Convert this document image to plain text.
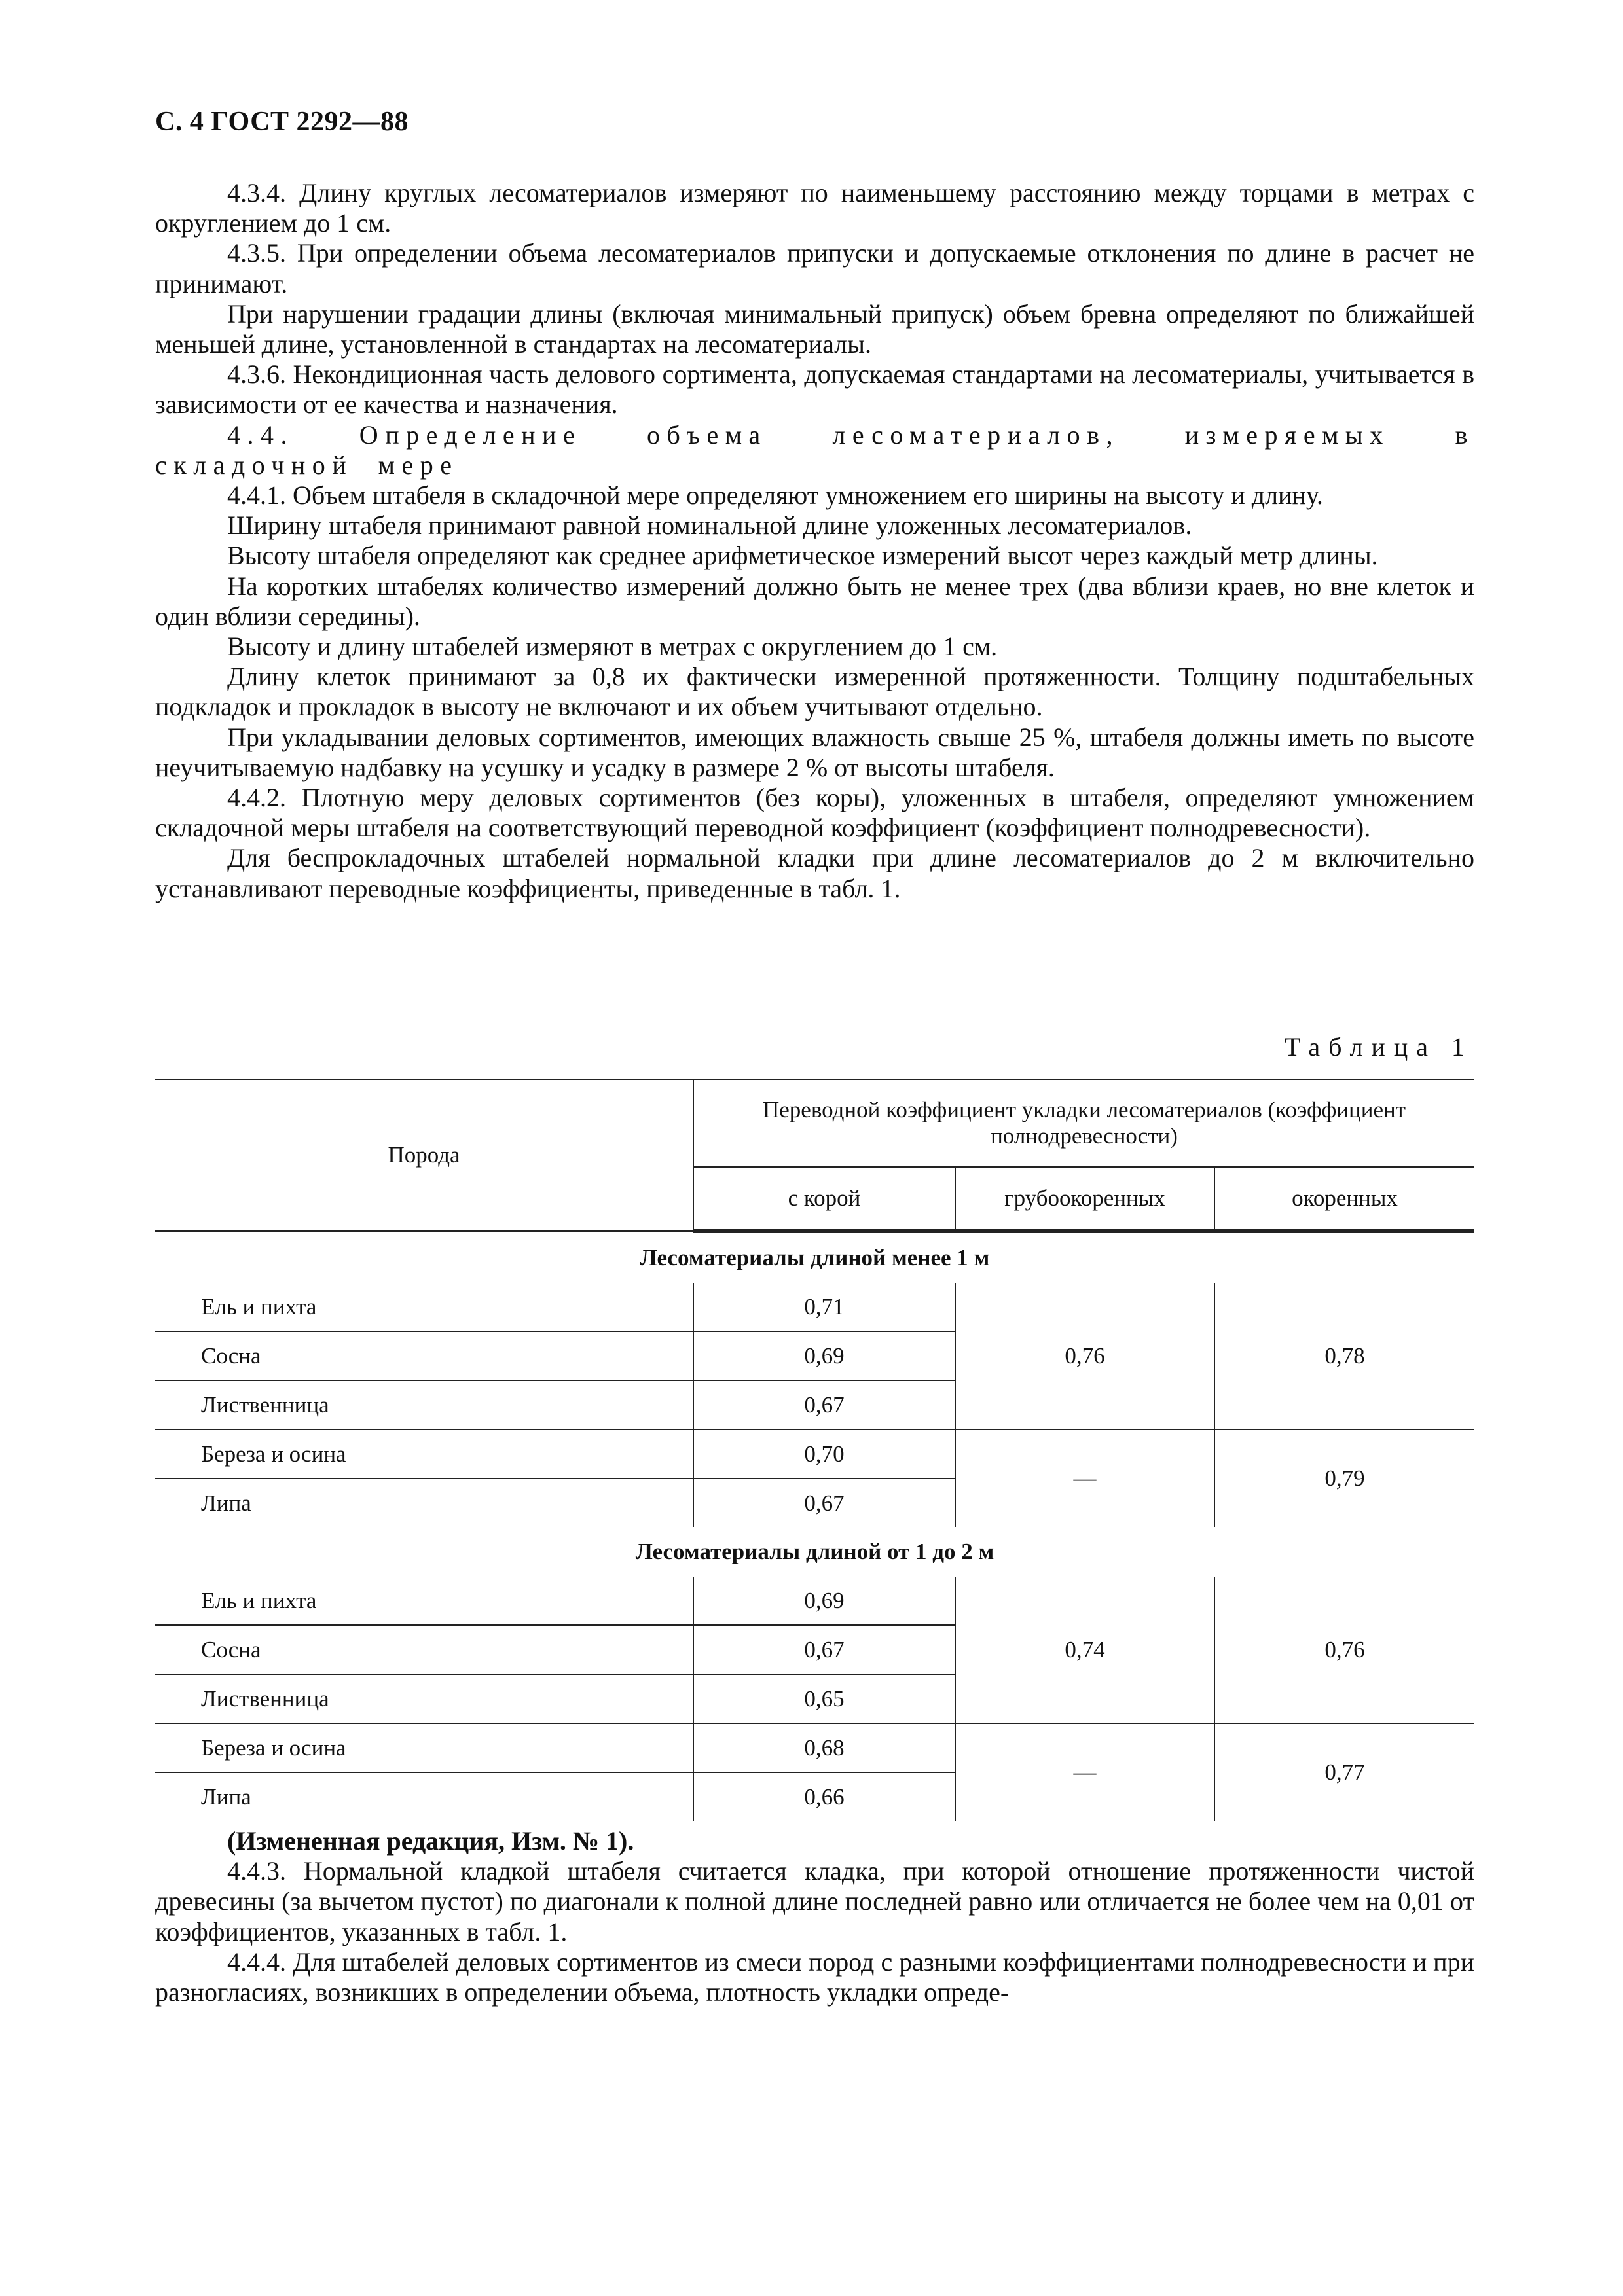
С. 4 ГОСТ 2292—88

4.3.4. Длину круглых лесоматериалов измеряют по наименьшему расстоянию между торцами в метрах с округлением до 1 см.

4.3.5. При определении объема лесоматериалов припуски и допускаемые отклонения по длине в расчет не принимают.

При нарушении градации длины (включая минимальный припуск) объем бревна определяют по ближайшей меньшей длине, установленной в стандартах на лесоматериалы.

4.3.6. Некондиционная часть делового сортимента, допускаемая стандартами на лесоматериалы, учитывается в зависимости от ее качества и назначения.

4.4. Определение объема лесоматериалов, измеряемых в складочной мере

4.4.1. Объем штабеля в складочной мере определяют умножением его ширины на высоту и длину.

Ширину штабеля принимают равной номинальной длине уложенных лесоматериалов.

Высоту штабеля определяют как среднее арифметическое измерений высот через каждый метр длины.

На коротких штабелях количество измерений должно быть не менее трех (два вблизи краев, но вне клеток и один вблизи середины).

Высоту и длину штабелей измеряют в метрах с округлением до 1 см.

Длину клеток принимают за 0,8 их фактически измеренной протяженности. Толщину подштабельных подкладок и прокладок в высоту не включают и их объем учитывают отдельно.

При укладывании деловых сортиментов, имеющих влажность свыше 25 %, штабеля должны иметь по высоте неучитываемую надбавку на усушку и усадку в размере 2 % от высоты штабеля.

4.4.2. Плотную меру деловых сортиментов (без коры), уложенных в штабеля, определяют умножением складочной меры штабеля на соответствующий переводной коэффициент (коэффициент полнодревесности).

Для беспрокладочных штабелей нормальной кладки при длине лесоматериалов до 2 м включительно устанавливают переводные коэффициенты, приведенные в табл. 1.

Таблица 1
Порода	Переводной коэффициент укладки лесоматериалов (коэффициент полнодревесности)		
	с корой	грубоокоренных	окоренных
Лесоматериалы длиной менее 1 м			
Ель и пихта	0,71	0,76	0,78
Сосна	0,69		
Лиственница	0,67		
Береза и осина	0,70	—	0,79
Липа	0,67		
Лесоматериалы длиной от 1 до 2 м			
Ель и пихта	0,69	0,74	0,76
Сосна	0,67		
Лиственница	0,65		
Береза и осина	0,68	—	0,77
Липа	0,66		

(Измененная редакция, Изм. № 1).

4.4.3. Нормальной кладкой штабеля считается кладка, при которой отношение протяженности чистой древесины (за вычетом пустот) по диагонали к полной длине последней равно или отличается не более чем на 0,01 от коэффициентов, указанных в табл. 1.

4.4.4. Для штабелей деловых сортиментов из смеси пород с разными коэффициентами полнодревесности и при разногласиях, возникших в определении объема, плотность укладки опреде-
